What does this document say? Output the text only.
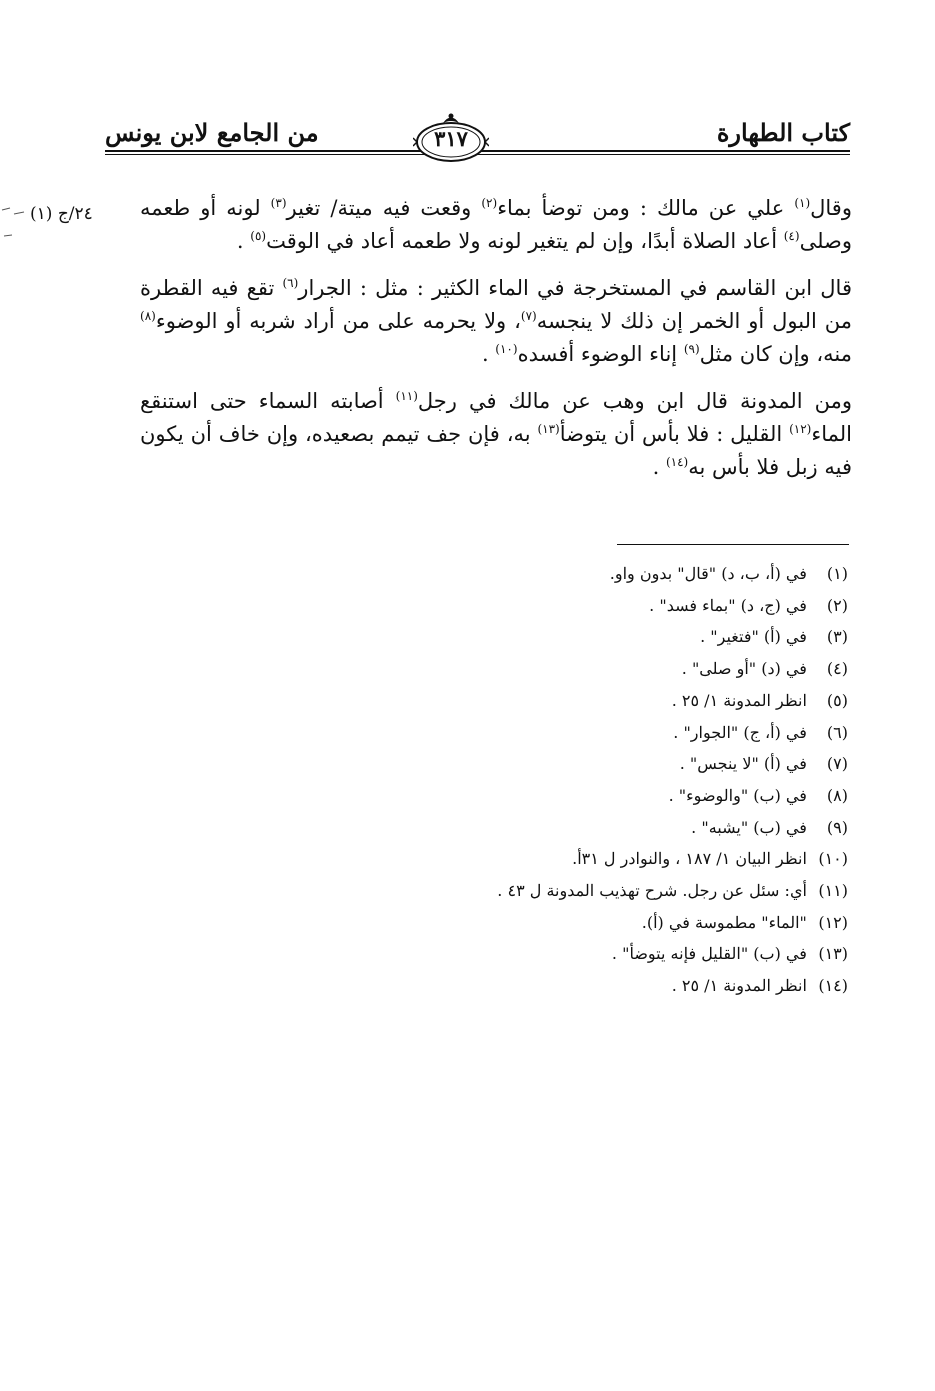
كتاب الطهارة
من الجامع لابن يونس	٣١٧
٢٤/ج (١)	وقال$^{(١)}$ علي عن مالك : ومن توضأ بماء$^{(٢)}$ وقعت فيه ميتة/ تغير$^{(٣)}$ لونه أو طعمه وصلى$^{(٤)}$ أعاد الصلاة أبدًا، وإن لم يتغير لونه ولا طعمه أعاد في الوقت$^{(٥)}$ .

قال ابن القاسم في المستخرجة في الماء الكثير : مثل : الجرار$^{(٦)}$ تقع فيه القطرة من البول أو الخمر إن ذلك لا ينجسه$^{(٧)}$، ولا يحرمه على من أراد شربه أو الوضوء$^{(٨)}$ منه، وإن كان مثل$^{(٩)}$ إناء الوضوء أفسده$^{(١٠)}$ .

ومن المدونة قال ابن وهب عن مالك في رجل$^{(١١)}$ أصابته السماء حتى استنقع الماء$^{(١٢)}$ القليل : فلا بأس أن يتوضأ$^{(١٣)}$ به، فإن جف تيمم بصعيده، وإن خاف أن يكون فيه زبل فلا بأس به$^{(١٤)}$ .

(١) في (أ، ب، د) "قال" بدون واو.
(٢) في (ج، د) "بماء فسد" .
(٣) في (أ) "فتغير" .
(٤) في (د) "أو صلى" .
(٥) انظر المدونة ١/ ٢٥ .
(٦) في (أ، ج) "الجوار" .
(٧) في (أ) "لا ينجس" .
(٨) في (ب) "والوضوء" .
(٩) في (ب) "يشبه" .
(١٠) انظر البيان ١/ ١٨٧ ، والنوادر ل ٣١أ.
(١١) أي: سئل عن رجل. شرح تهذيب المدونة ل ٤٣ .
(١٢) "الماء" مطموسة في (أ).
(١٣) في (ب) "القليل فإنه يتوضأ" .
(١٤) انظر المدونة ١/ ٢٥ .
